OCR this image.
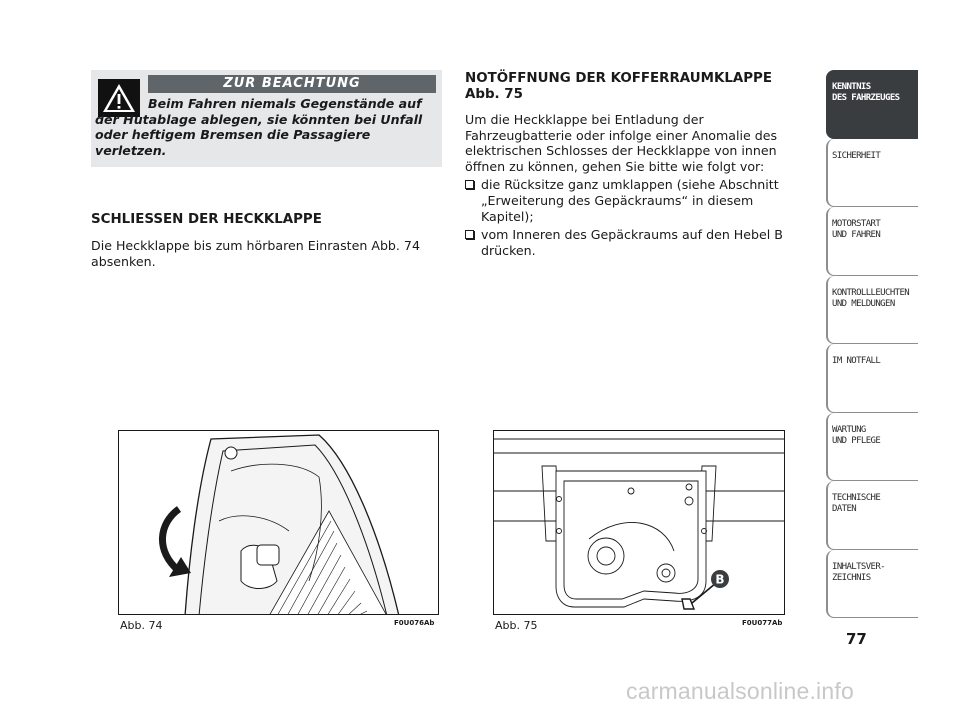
ZUR BEACHTUNG
Beim Fahren niemals Gegenstände auf der Hutablage ablegen, sie könnten bei Unfall oder heftigem Bremsen die Passagiere verletzen.
SCHLIESSEN DER HECKKLAPPE
Die Heckklappe bis zum hörbaren Einrasten Abb. 74 absenken.
NOTÖFFNUNG DER KOFFERRAUMKLAPPE
Abb. 75
Um die Heckklappe bei Entladung der Fahrzeugbatterie oder infolge einer Anomalie des elektrischen Schlosses der Heckklappe von innen öffnen zu können, gehen Sie bitte wie folgt vor:
die Rücksitze ganz umklappen (siehe Abschnitt „Erweiterung des Gepäckraums“ in diesem Kapitel);
vom Inneren des Gepäckraums auf den Hebel B drücken.
Abb. 74	F0U076Ab
B
Abb. 75	F0U077Ab
KENNTNIS
DES FAHRZEUGES
SICHERHEIT
MOTORSTART
UND FAHREN
KONTROLLLEUCHTEN
UND MELDUNGEN
IM NOTFALL
WARTUNG
UND PFLEGE
TECHNISCHE
DATEN
INHALTSVER-
ZEICHNIS
77
carmanualsonline.info
